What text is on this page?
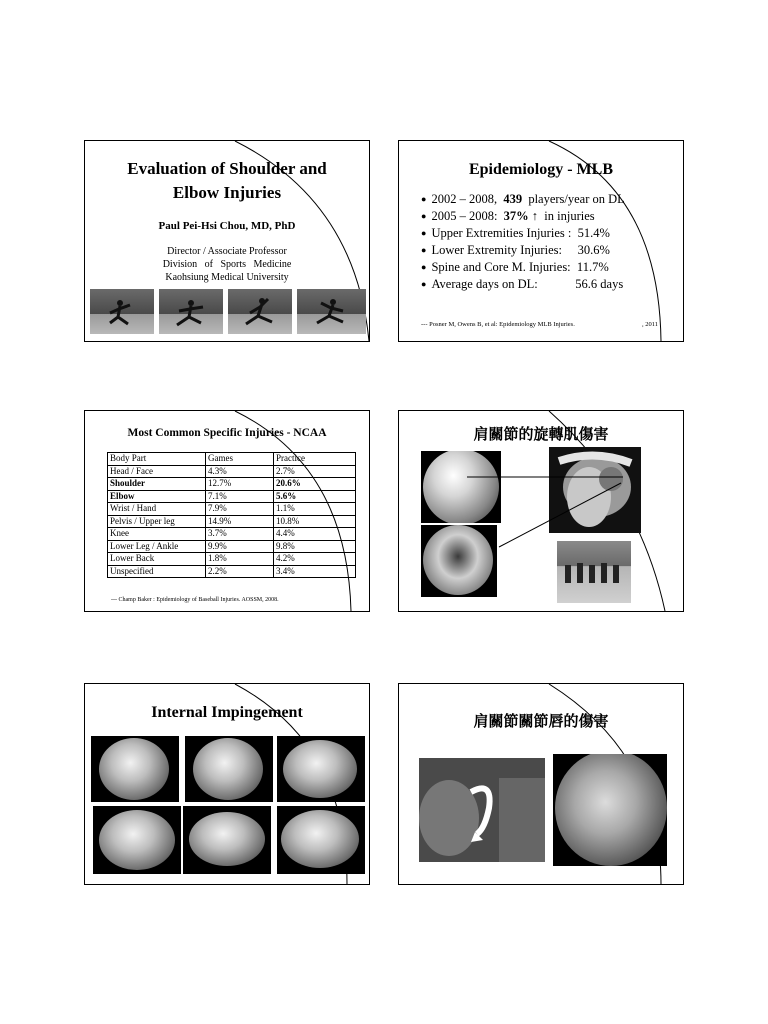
Evaluation of Shoulder and
Elbow Injuries
Paul Pei-Hsi Chou, MD, PhD
Director / Associate Professor
Division of Sports Medicine
Kaohsiung Medical University
Epidemiology - MLB
● 2002 – 2008,  439  players/year on DL
● 2005 – 2008:  37% ↑  in injuries
● Upper Extremities Injuries :  51.4%
● Lower Extremity Injuries:     30.6%
● Spine and Core M. Injuries:  11.7%
● Average days on DL:            56.6 days
--- Posner M, Owens B, et al: Epidemiology MLB Injuries.	, 2011
Most Common Specific Injuries - NCAA
Body Part	Games	Practice
Head / Face	4.3%	2.7%
Shoulder	12.7%	20.6%
Elbow	7.1%	5.6%
Wrist / Hand	7.9%	1.1%
Pelvis / Upper leg	14.9%	10.8%
Knee	3.7%	4.4%
Lower Leg / Ankle	9.9%	9.8%
Lower Back	1.8%	4.2%
Unspecified	2.2%	3.4%
--- Champ Baker : Epidemiology of Baseball Injuries. AOSSM, 2008.
肩關節的旋轉肌傷害
Internal Impingement	肩關節關節唇的傷害
